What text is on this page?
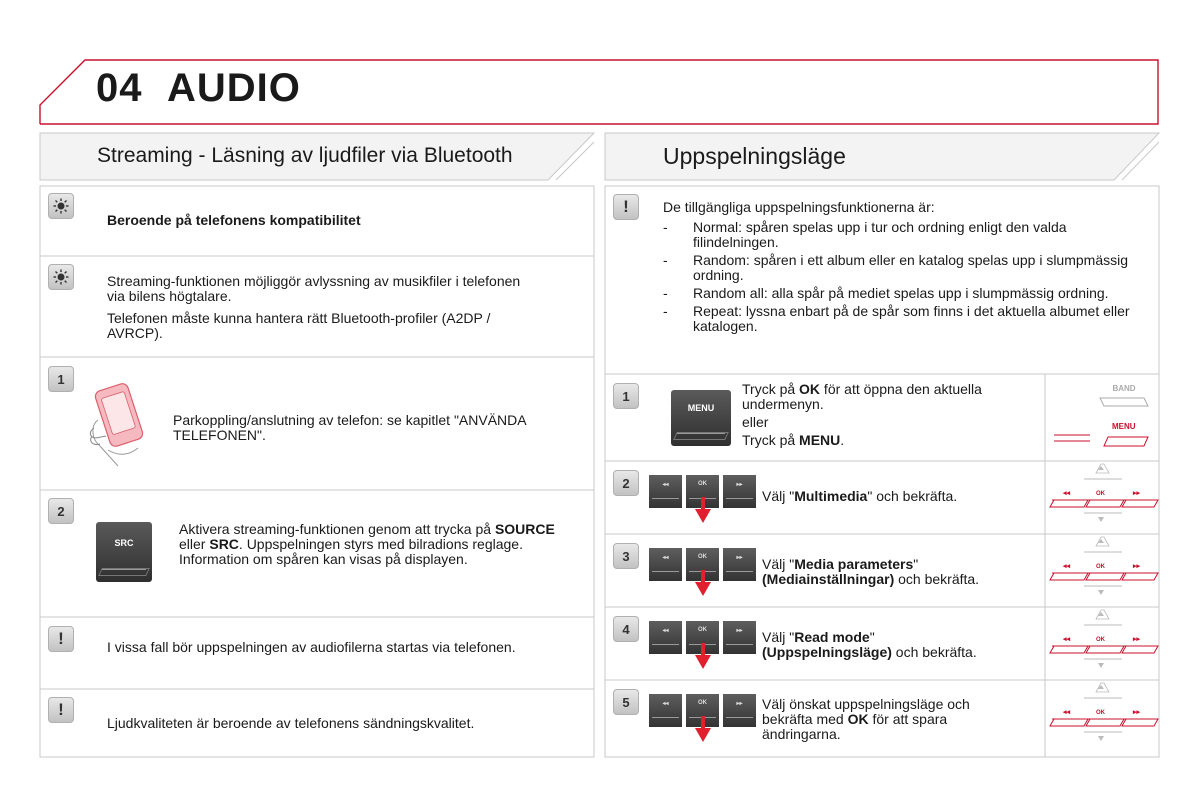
04 AUDIO
Streaming - Läsning av ljudfiler via Bluetooth	Uppspelningsläge
Beroende på telefonens kompatibilitet
Streaming-funktionen möjliggör avlyssning av musikfiler i telefonen via bilens högtalare.
Telefonen måste kunna hantera rätt Bluetooth-profiler (A2DP / AVRCP).
1
Parkoppling/anslutning av telefon: se kapitlet "ANVÄNDA TELEFONEN".
2
SRC
Aktivera streaming-funktionen genom att trycka på SOURCE eller SRC. Uppspelningen styrs med bilradions reglage. Information om spåren kan visas på displayen.
!	I vissa fall bör uppspelningen av audiofilerna startas via telefonen.
!
Ljudkvaliteten är beroende av telefonens sändningskvalitet.
!	De tillgängliga uppspelningsfunktionerna är:
- Normal: spåren spelas upp i tur och ordning enligt den valda filindelningen.
- Random: spåren i ett album eller en katalog spelas upp i slumpmässig ordning.
- Random all: alla spår på mediet spelas upp i slumpmässig ordning.
- Repeat: lyssna enbart på de spår som finns i det aktuella albumet eller katalogen.
1
MENU
Tryck på OK för att öppna den aktuella undermenyn.
eller
Tryck på MENU.
BAND
MENU
2	◂◂	OK	▸▸
◂◂	OK	▸▸
3	◂◂	OK	▸▸
◂◂	OK	▸▸
4	◂◂	OK	▸▸
◂◂	OK	▸▸
5	◂◂	OK	▸▸
◂◂	OK	▸▸
Välj "Multimedia" och bekräfta.
Välj "Media parameters"
(Mediainställningar) och bekräfta.
Välj "Read mode"
(Uppspelningsläge) och bekräfta.
Välj önskat uppspelningsläge och bekräfta med OK för att spara ändringarna.
